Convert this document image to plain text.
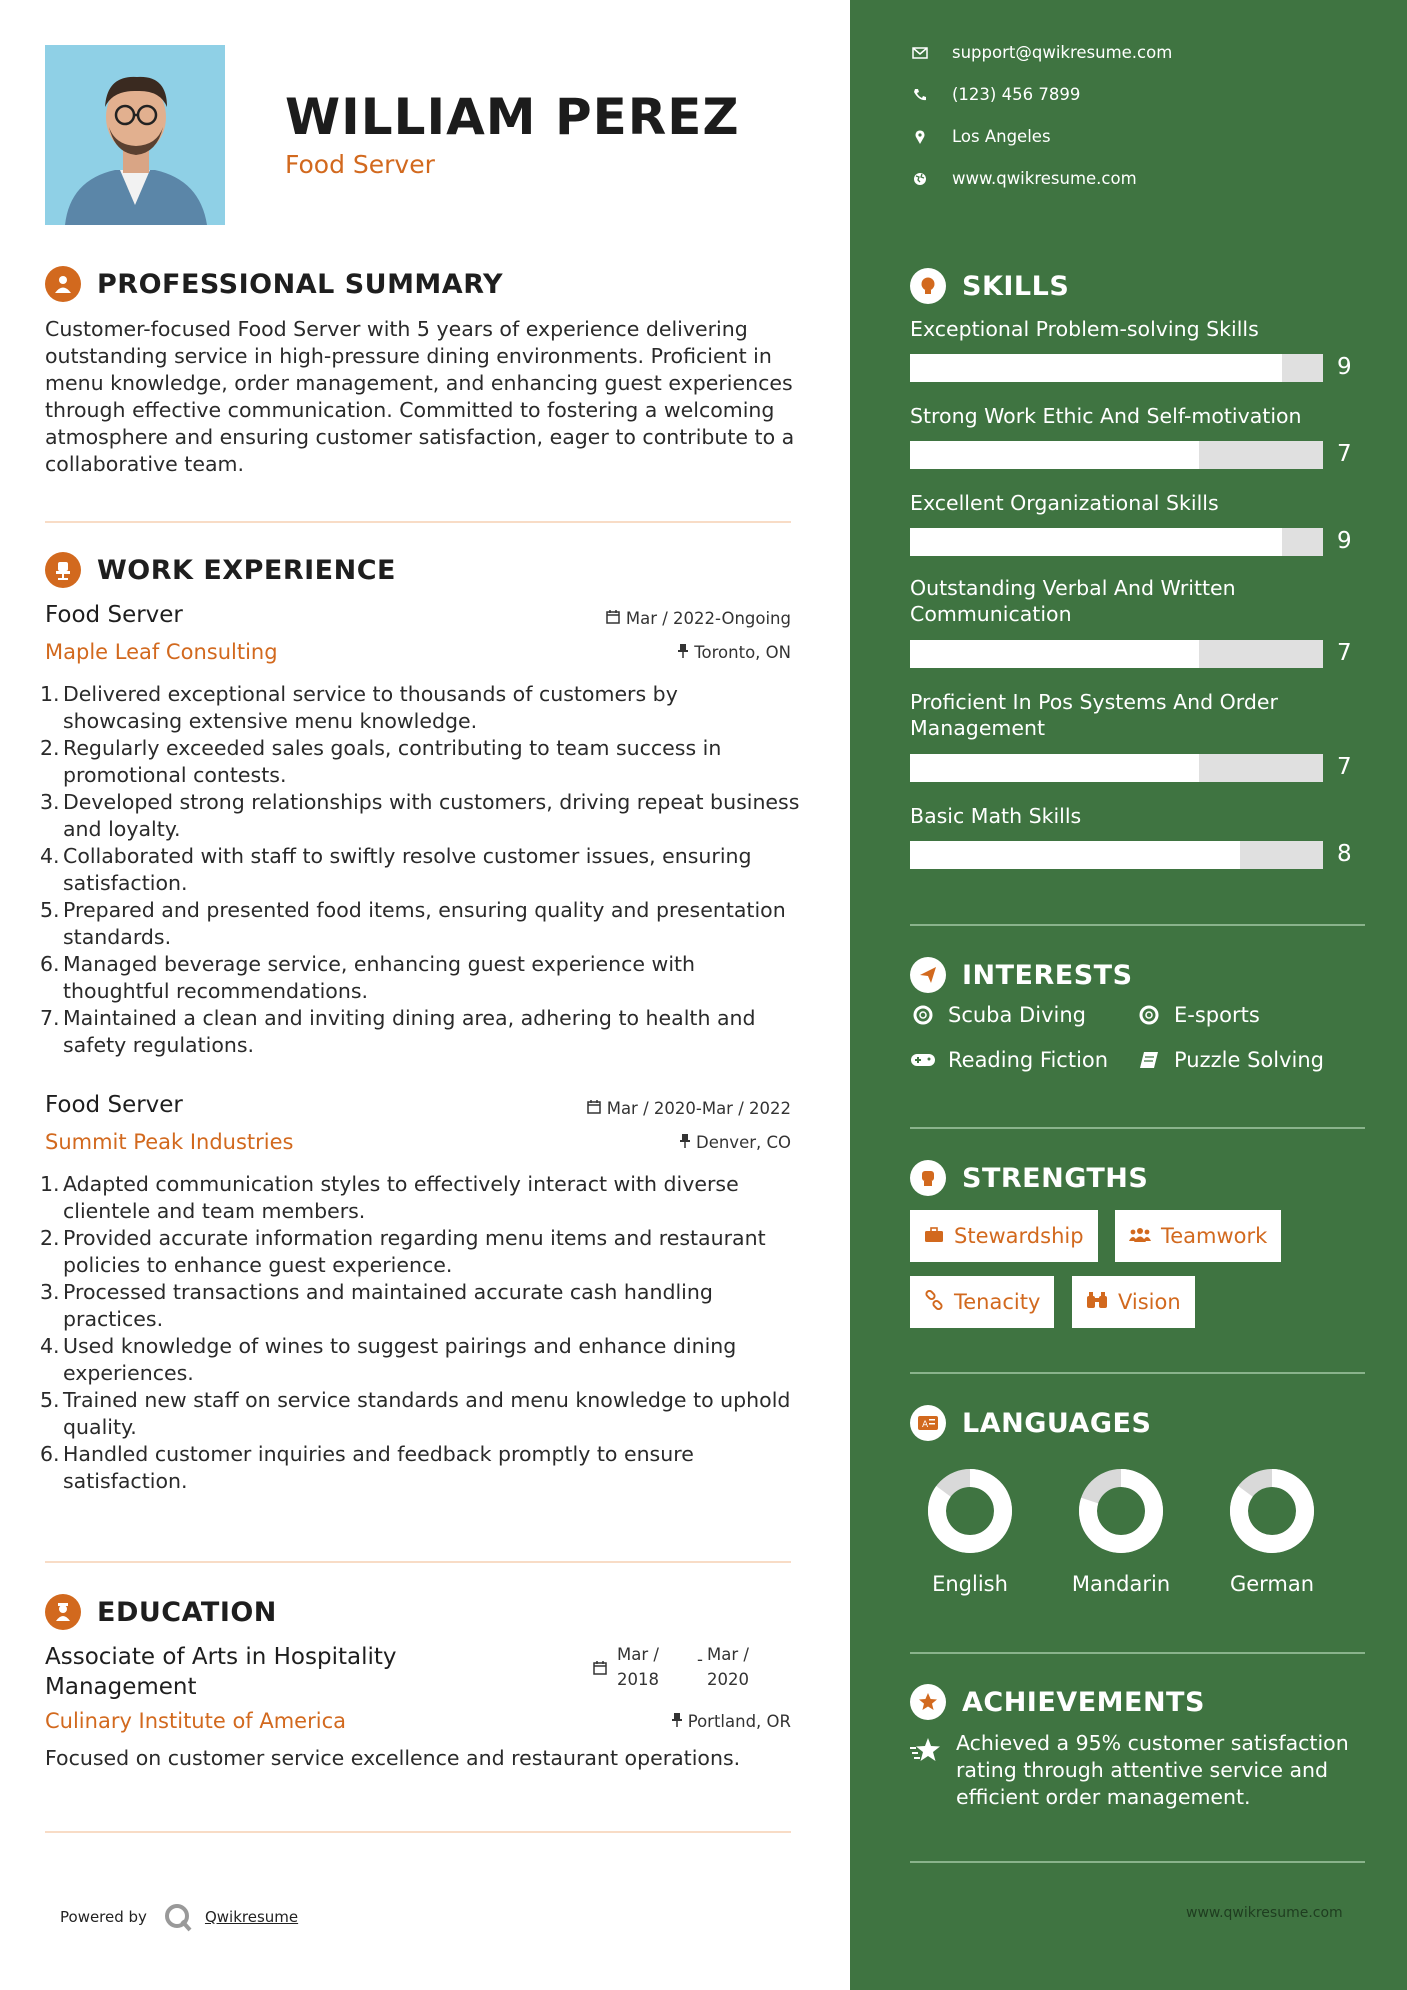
WILLIAM PEREZ
Food Server
PROFESSIONAL SUMMARY
Customer-focused Food Server with 5 years of experience delivering outstanding service in high-pressure dining environments. Proficient in menu knowledge, order management, and enhancing guest experiences through effective communication. Committed to fostering a welcoming atmosphere and ensuring customer satisfaction, eager to contribute to a collaborative team.
WORK EXPERIENCE
Food Server	Mar / 2022-Ongoing
Maple Leaf Consulting	Toronto, ON
1. Delivered exceptional service to thousands of customers by showcasing extensive menu knowledge.
2. Regularly exceeded sales goals, contributing to team success in promotional contests.
3. Developed strong relationships with customers, driving repeat business and loyalty.
4. Collaborated with staff to swiftly resolve customer issues, ensuring satisfaction.
5. Prepared and presented food items, ensuring quality and presentation standards.
6. Managed beverage service, enhancing guest experience with thoughtful recommendations.
7. Maintained a clean and inviting dining area, adhering to health and safety regulations.
Food Server	Mar / 2020-Mar / 2022
Summit Peak Industries	Denver, CO
1. Adapted communication styles to effectively interact with diverse clientele and team members.
2. Provided accurate information regarding menu items and restaurant policies to enhance guest experience.
3. Processed transactions and maintained accurate cash handling practices.
4. Used knowledge of wines to suggest pairings and enhance dining experiences.
5. Trained new staff on service standards and menu knowledge to uphold quality.
6. Handled customer inquiries and feedback promptly to ensure satisfaction.
EDUCATION
Associate of Arts in Hospitality Management
Mar /
2018
- Mar /
2020
Culinary Institute of America	Portland, OR
Focused on customer service excellence and restaurant operations.
Powered by	Qwikresume
support@qwikresume.com
(123) 456 7899
Los Angeles
www.qwikresume.com
SKILLS
Exceptional Problem-solving Skills
9
Strong Work Ethic And Self-motivation
7
Excellent Organizational Skills
9
Outstanding Verbal And Written Communication
7
Proficient In Pos Systems And Order Management
7
Basic Math Skills
8
INTERESTS
Scuba Diving	E-sports
Reading Fiction	Puzzle Solving
STRENGTHS
Stewardship	Teamwork
Tenacity	Vision
A LANGUAGES
English	Mandarin	German
ACHIEVEMENTS
Achieved a 95% customer satisfaction rating through attentive service and efficient order management.
www.qwikresume.com
